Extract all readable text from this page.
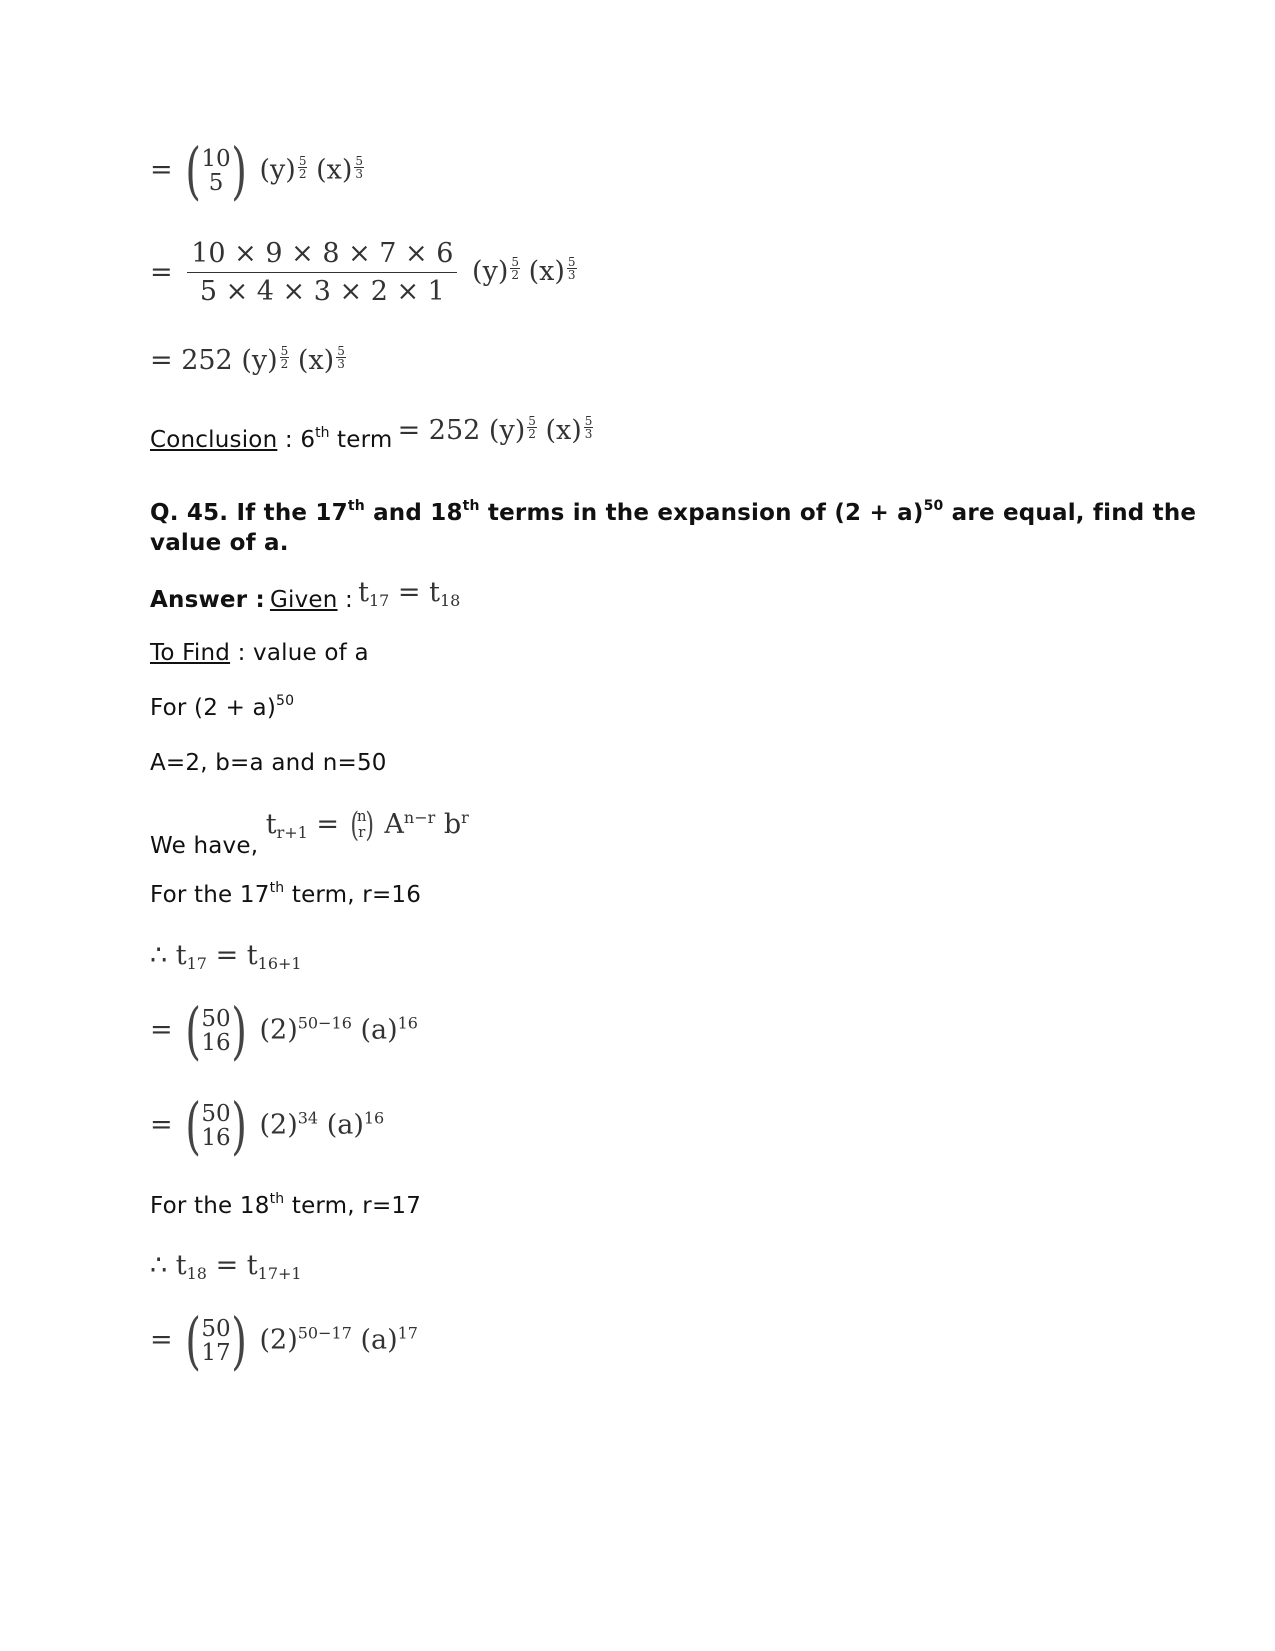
= ( 10
5 ) $(y) \frac{5}{2} (x) \frac{5}{3}$
= $\frac{10 \times 9 \times 8 \times 7 \times 6}{5 \times 4 \times 3 \times 2 \times 1} (y) \frac{5}{2} (x) \frac{5}{3}$
= 252 $(y) \frac{5}{2} (x) \frac{5}{3}$
Conclusion : 6th term = 252 $(y) \frac{5}{2} (x) \frac{5}{3}$
Q. 45. If the 17th and 18th terms in the expansion of $(2 + a)^{50}$ are equal, find the
value of a.
Answer : Given : $t_{17} = t_{18}$
To Find : value of a
For $(2 + a)^{50}$
A=2, b=a and n=50
We have, $t_{r+1}$ = (
n
r ) $A^{n-r}$ $b^r$
For the 17th term, r=16
∴ $t_{17} = t_{16+1}$
= ( 50
16 ) $(2)^{50-16}$ $(a)^{16}$
= ( 50
16 ) $(2)^{34}$ $(a)^{16}$
For the 18th term, r=17
∴ $t_{18} = t_{17+1}$
= ( 50
17 ) $(2)^{50-17}$ $(a)^{17}$
